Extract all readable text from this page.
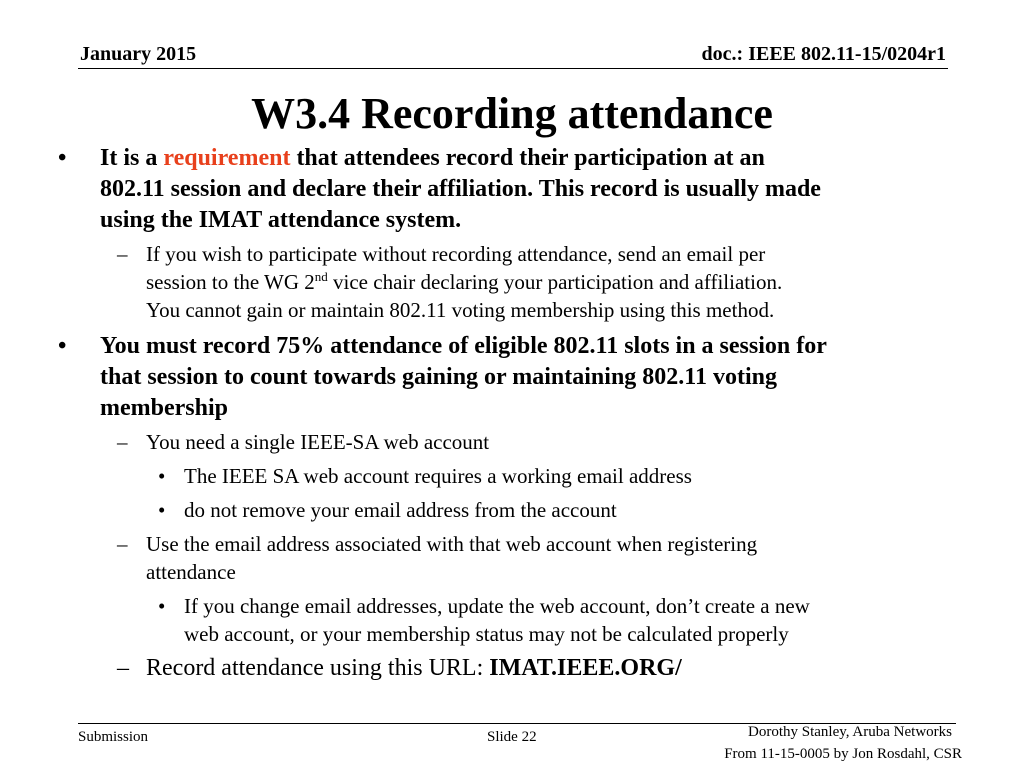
January 2015	doc.: IEEE 802.11-15/0204r1
W3.4 Recording attendance
• It is a requirement that attendees record their participation at an
802.11 session and declare their affiliation. This record is usually made
using the IMAT attendance system.
– If you wish to participate without recording attendance, send an email per
session to the WG 2nd vice chair declaring your participation and affiliation.
You cannot gain or maintain 802.11 voting membership using this method.
• You must record 75% attendance of eligible 802.11 slots in a session for
that session to count towards gaining or maintaining 802.11 voting
membership
– You need a single IEEE-SA web account
• The IEEE SA web account requires a working email address
• do not remove your email address from the account
– Use the email address associated with that web account when registering
attendance
• If you change email addresses, update the web account, don’t create a new
web account, or your membership status may not be calculated properly
– Record attendance using this URL: IMAT.IEEE.ORG/
Submission	Slide 22	Dorothy Stanley, Aruba Networks
From 11-15-0005 by Jon Rosdahl, CSR
